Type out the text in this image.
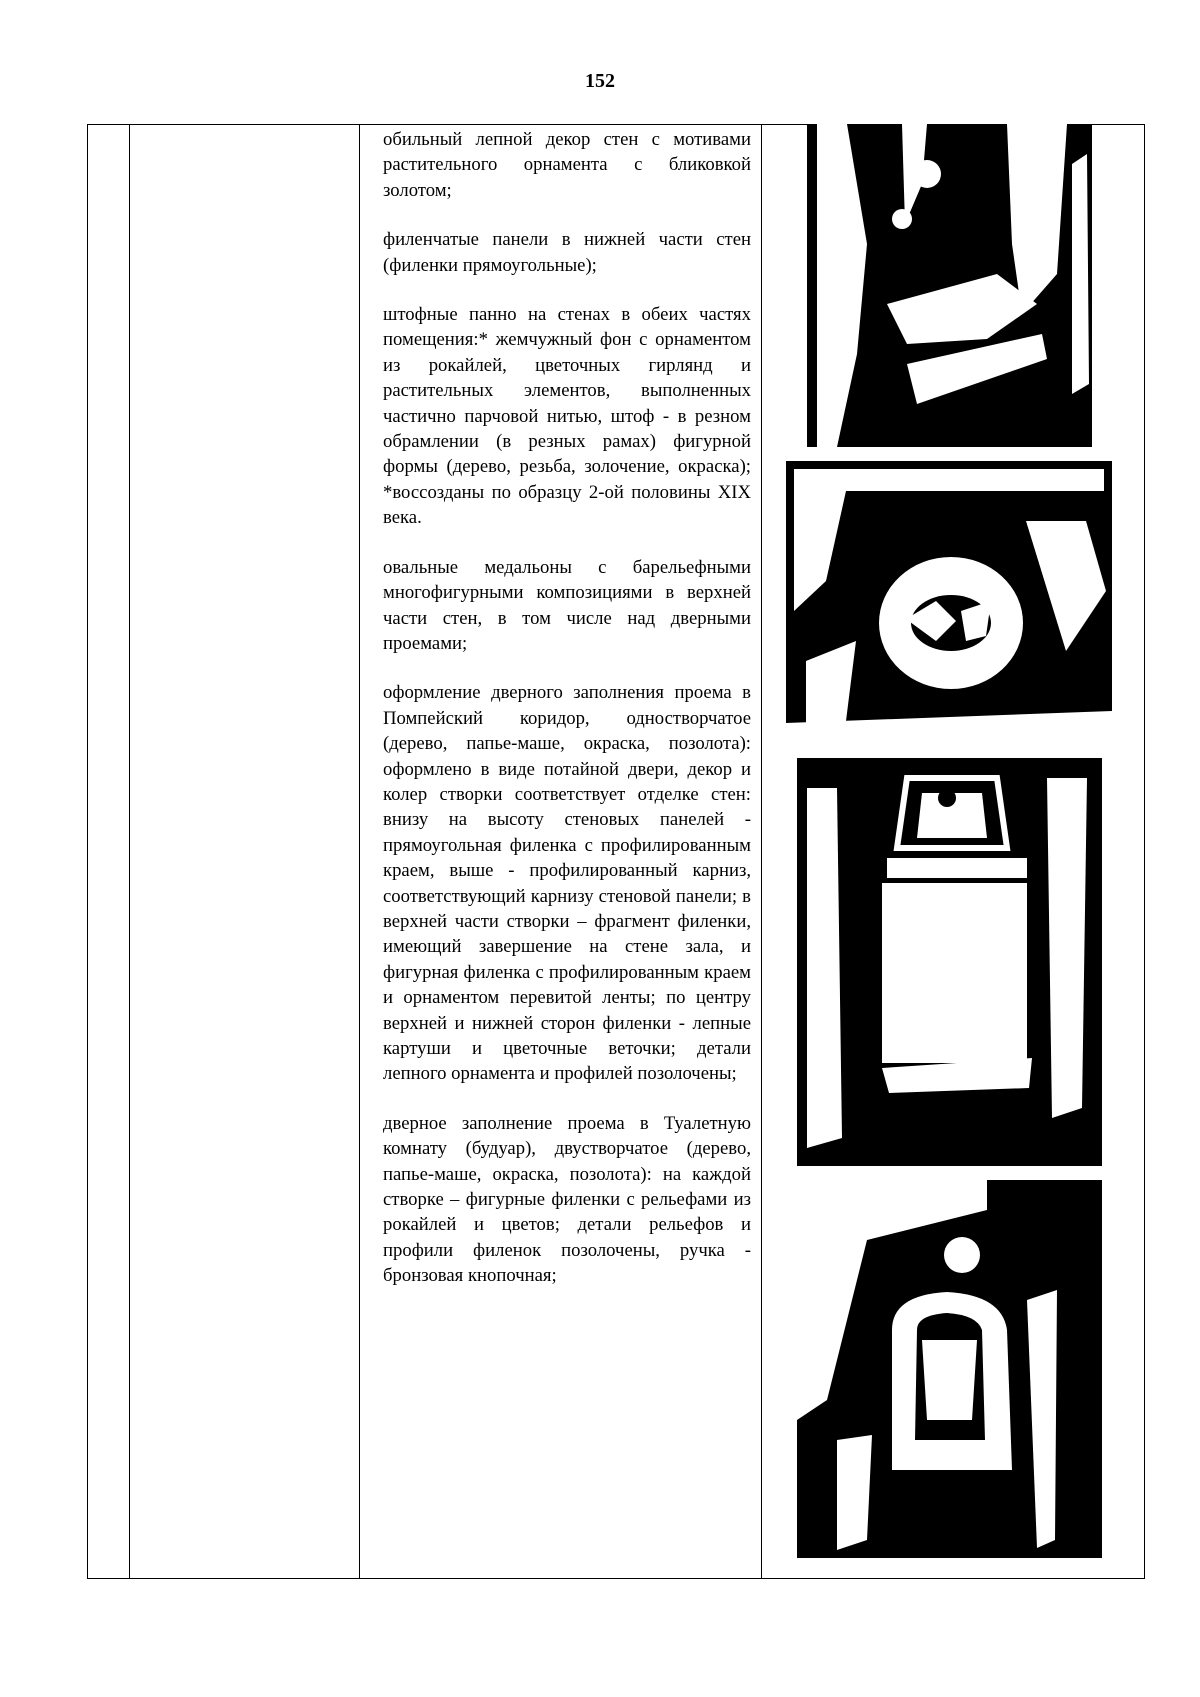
152

обильный лепной декор стен с мотивами растительного орнамента с бликовкой золотом;

филенчатые панели в нижней части стен (филенки прямоугольные);

штофные панно на стенах в обеих частях помещения:* жемчужный фон с орнаментом из рокайлей, цветочных гирлянд и растительных элементов, выполненных частично парчовой нитью, штоф - в резном обрамлении (в резных рамах) фигурной формы (дерево, резьба, золочение, окраска); *воссозданы по образцу 2-ой половины XIX века.

овальные медальоны с барельефными многофигурными композициями в верхней части стен, в том числе над дверными проемами;

оформление дверного заполнения проема в Помпейский коридор, одностворчатое (дерево, папье-маше, окраска, позолота): оформлено в виде потайной двери, декор и колер створки соответствует отделке стен: внизу на высоту стеновых панелей - прямоугольная филенка с профилированным краем, выше - профилированный карниз, соответствующий карнизу стеновой панели; в верхней части створки – фрагмент филенки, имеющий завершение на стене зала, и фигурная филенка с профилированным краем и орнаментом перевитой ленты; по центру верхней и нижней сторон филенки - лепные картуши и цветочные веточки; детали лепного орнамента и профилей позолочены;

дверное заполнение проема в Туалетную комнату (будуар), двустворчатое (дерево, папье-маше, окраска, позолота): на каждой створке – фигурные филенки с рельефами из рокайлей и цветов; детали рельефов и профили филенок позолочены, ручка - бронзовая кнопочная;
